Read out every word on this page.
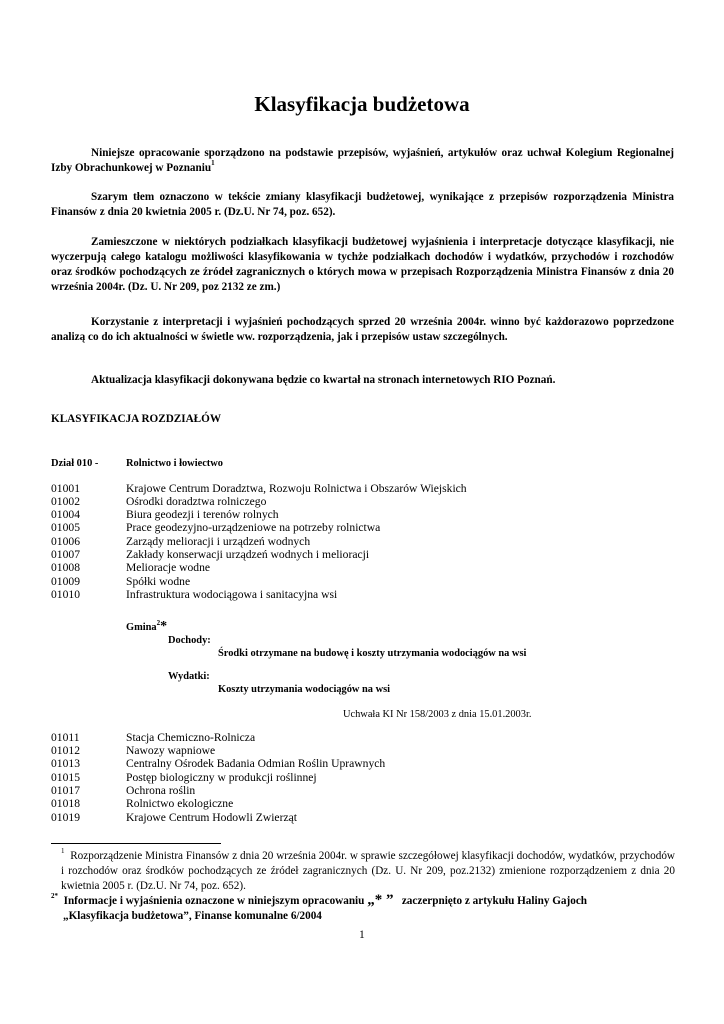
Klasyfikacja budżetowa
Niniejsze opracowanie sporządzono na podstawie przepisów, wyjaśnień, artykułów oraz uchwał Kolegium Regionalnej Izby Obrachunkowej w Poznaniu$^1$
Szarym tłem oznaczono w tekście zmiany klasyfikacji budżetowej, wynikające z przepisów rozporządzenia Ministra Finansów z dnia 20 kwietnia 2005 r. (Dz.U. Nr 74, poz. 652).
Zamieszczone w niektórych podziałkach klasyfikacji budżetowej wyjaśnienia i interpretacje dotyczące klasyfikacji, nie wyczerpują całego katalogu możliwości klasyfikowania w tychże podziałkach dochodów i wydatków, przychodów i rozchodów oraz środków pochodzących ze źródeł zagranicznych o których mowa w przepisach Rozporządzenia Ministra Finansów z dnia 20 września 2004r. (Dz. U. Nr 209, poz 2132 ze zm.)
Korzystanie z interpretacji i wyjaśnień pochodzących sprzed 20 września 2004r. winno być każdorazowo poprzedzone analizą co do ich aktualności w świetle ww. rozporządzenia, jak i przepisów ustaw szczególnych.
Aktualizacja klasyfikacji dokonywana będzie co kwartał na stronach internetowych RIO Poznań.
KLASYFIKACJA ROZDZIAŁÓW
Dział 010 -	Rolnictwo i łowiectwo
01001	Krajowe Centrum Doradztwa, Rozwoju Rolnictwa i Obszarów Wiejskich
01002	Ośrodki doradztwa rolniczego
01004	Biura geodezji i terenów rolnych
01005	Prace geodezyjno-urządzeniowe na potrzeby rolnictwa
01006	Zarządy melioracji i urządzeń wodnych
01007	Zakłady konserwacji urządzeń wodnych i melioracji
01008	Melioracje wodne
01009	Spółki wodne
01010	Infrastruktura wodociągowa i sanitacyjna wsi
Gmina$^2$*
Dochody:
Środki otrzymane na budowę i koszty utrzymania wodociągów na wsi
Wydatki:
Koszty utrzymania wodociągów na wsi
Uchwała KI Nr 158/2003 z dnia 15.01.2003r.
01011	Stacja Chemiczno-Rolnicza
01012	Nawozy wapniowe
01013	Centralny Ośrodek Badania Odmian Roślin Uprawnych
01015	Postęp biologiczny w produkcji roślinnej
01017	Ochrona roślin
01018	Rolnictwo ekologiczne
01019	Krajowe Centrum Hodowli Zwierząt
$^1$ Rozporządzenie Ministra Finansów z dnia 20 września 2004r. w sprawie szczegółowej klasyfikacji dochodów, wydatków, przychodów i rozchodów oraz środków pochodzących ze źródeł zagranicznych (Dz. U. Nr 209, poz.2132) zmienione rozporządzeniem z dnia 20 kwietnia 2005 r. (Dz.U. Nr 74, poz. 652).
$^{2*}$ Informacje i wyjaśnienia oznaczone w niniejszym opracowaniu „* ” zaczerpnięto z artykułu Haliny Gajoch
„Klasyfikacja budżetowa”, Finanse komunalne 6/2004
1
